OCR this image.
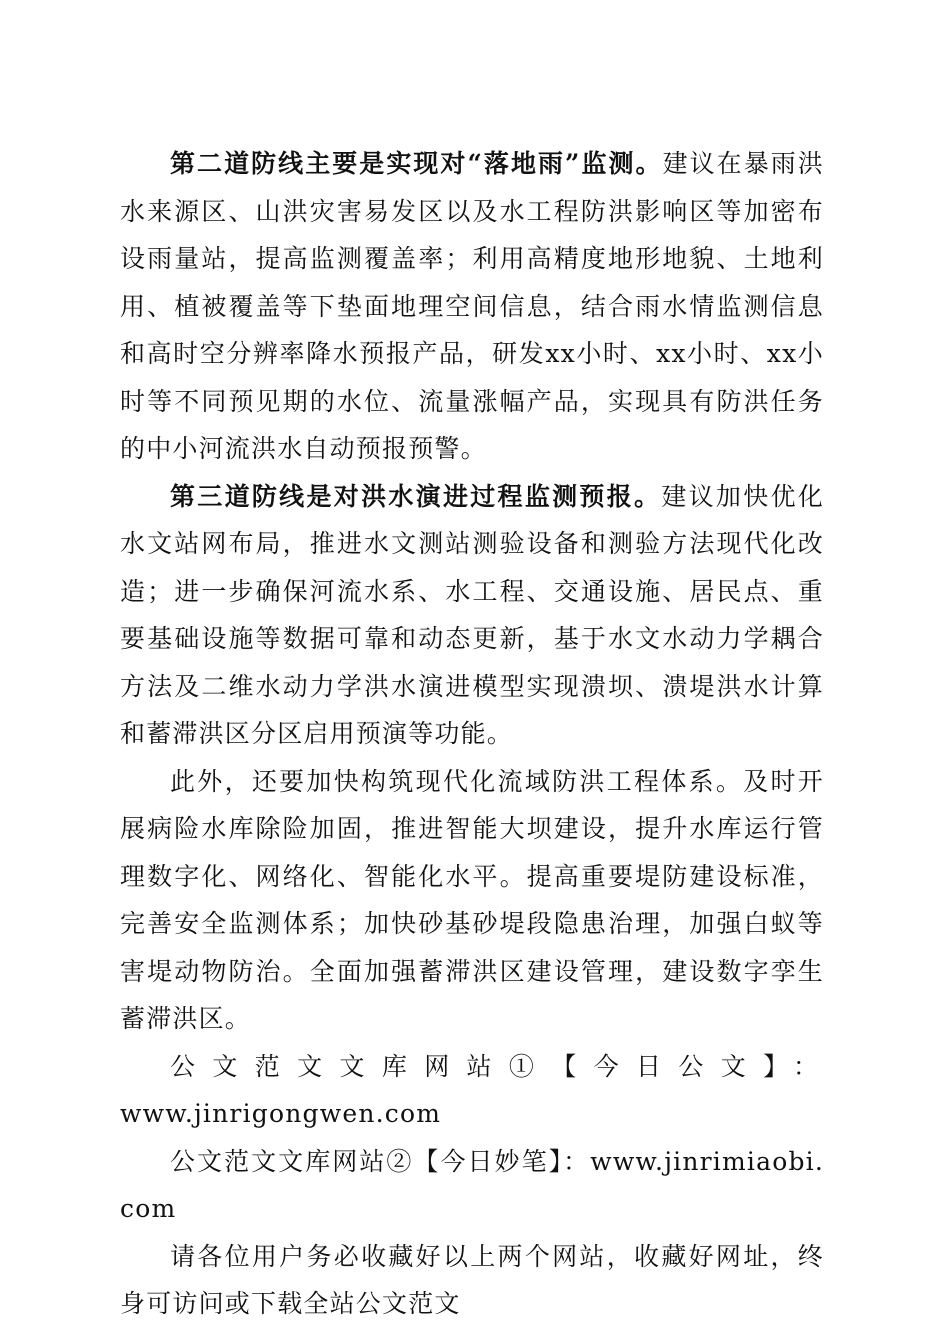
第二道防线主要是实现对“落地雨”监测。建议在暴雨洪水来源区、山洪灾害易发区以及水工程防洪影响区等加密布设雨量站，提高监测覆盖率；利用高精度地形地貌、土地利用、植被覆盖等下垫面地理空间信息，结合雨水情监测信息和高时空分辨率降水预报产品，研发xx小时、xx小时、xx小时等不同预见期的水位、流量涨幅产品，实现具有防洪任务的中小河流洪水自动预报预警。

第三道防线是对洪水演进过程监测预报。建议加快优化水文站网布局，推进水文测站测验设备和测验方法现代化改造；进一步确保河流水系、水工程、交通设施、居民点、重要基础设施等数据可靠和动态更新，基于水文水动力学耦合方法及二维水动力学洪水演进模型实现溃坝、溃堤洪水计算和蓄滞洪区分区启用预演等功能。

此外，还要加快构筑现代化流域防洪工程体系。及时开展病险水库除险加固，推进智能大坝建设，提升水库运行管理数字化、网络化、智能化水平。提高重要堤防建设标准，完善安全监测体系；加快砂基砂堤段隐患治理，加强白蚁等害堤动物防治。全面加强蓄滞洪区建设管理，建设数字孪生蓄滞洪区。

公文范文文库网站①【今日公文】：

www.jinrigongwen.com

公文范文文库网站②【今日妙笔】：www.jinrimiaobi.com

请各位用户务必收藏好以上两个网站，收藏好网址，终身可访问或下载全站公文范文
